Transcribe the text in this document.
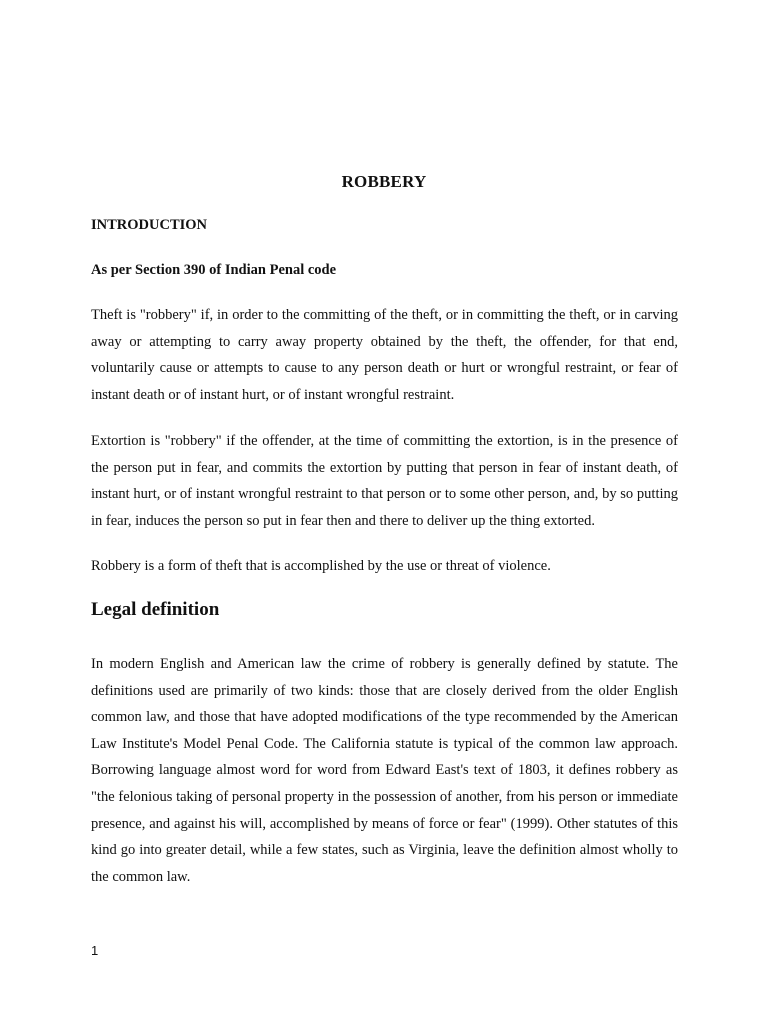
ROBBERY
INTRODUCTION
As per Section 390 of Indian Penal code

Theft is "robbery" if, in order to the committing of the theft, or in committing the theft, or in carving away or attempting to carry away property obtained by the theft, the offender, for that end, voluntarily cause or attempts to cause to any person death or hurt or wrongful restraint, or fear of instant death or of instant hurt, or of instant wrongful restraint.

Extortion is "robbery" if the offender, at the time of committing the extortion, is in the presence of the person put in fear, and commits the extortion by putting that person in fear of instant death, of instant hurt, or of instant wrongful restraint to that person or to some other person, and, by so putting in fear, induces the person so put in fear then and there to deliver up the thing extorted.

Robbery is a form of theft that is accomplished by the use or threat of violence.

Legal definition

In modern English and American law the crime of robbery is generally defined by statute. The definitions used are primarily of two kinds: those that are closely derived from the older English common law, and those that have adopted modifications of the type recommended by the American Law Institute's Model Penal Code. The California statute is typical of the common law approach. Borrowing language almost word for word from Edward East's text of 1803, it defines robbery as "the felonious taking of personal property in the possession of another, from his person or immediate presence, and against his will, accomplished by means of force or fear" (1999). Other statutes of this kind go into greater detail, while a few states, such as Virginia, leave the definition almost wholly to the common law.

1
